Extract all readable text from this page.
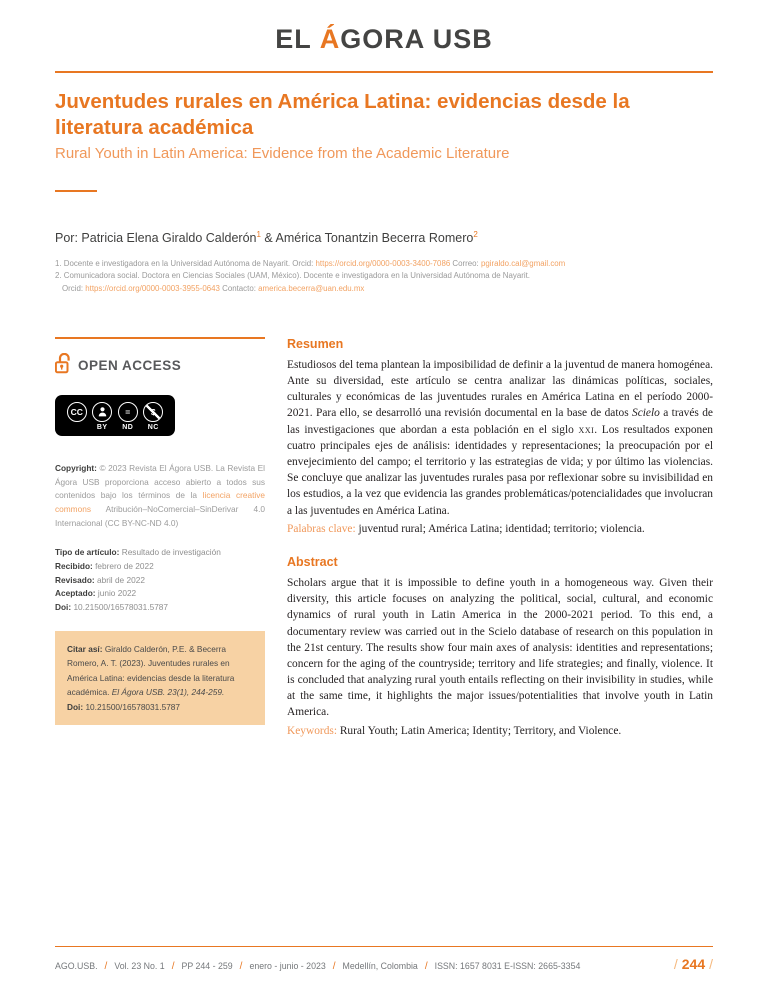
EL ÁGORA USB
Juventudes rurales en América Latina: evidencias desde la literatura académica
Rural Youth in Latin America: Evidence from the Academic Literature
Por: Patricia Elena Giraldo Calderón$^1$ & América Tonantzin Becerra Romero$^2$
1. Docente e investigadora en la Universidad Autónoma de Nayarit. Orcid: https://orcid.org/0000-0003-3400-7086 Correo: pgiraldo.cal@gmail.com
2. Comunicadora social. Doctora en Ciencias Sociales (UAM, México). Docente e investigadora en la Universidad Autónoma de Nayarit.
Orcid: https://orcid.org/0000-0003-3955-0643 Contacto: america.becerra@uan.edu.mx
OPEN ACCESS
CC	=	$
BY ND NC

Copyright: © 2023 Revista El Ágora USB. La Revista El Ágora USB proporciona acceso abierto a todos sus contenidos bajo los términos de la licencia creative commons Atribución–NoComercial–SinDerivar 4.0 Internacional (CC BY-NC-ND 4.0)

Tipo de artículo: Resultado de investigación
Recibido: febrero de 2022
Revisado: abril de 2022
Aceptado: junio 2022
Doi: 10.21500/16578031.5787
Citar así: Giraldo Calderón, P.E. & Becerra Romero, A. T. (2023). Juventudes rurales en América Latina: evidencias desde la literatura académica. El Ágora USB. 23(1), 244-259.
Doi: 10.21500/16578031.5787
Resumen

Estudiosos del tema plantean la imposibilidad de definir a la juventud de manera homogénea. Ante su diversidad, este artículo se centra analizar las dinámicas políticas, sociales, culturales y económicas de las juventudes rurales en América Latina en el período 2000-2021. Para ello, se desarrolló una revisión documental en la base de datos Scielo a través de las investigaciones que abordan a esta población en el siglo xxi. Los resultados exponen cuatro principales ejes de análisis: identidades y representaciones; la preocupación por el envejecimiento del campo; el territorio y las estrategias de vida; y por último las violencias. Se concluye que analizar las juventudes rurales pasa por reflexionar sobre su invisibilidad en los estudios, a la vez que evidencia las grandes problemáticas/potencialidades que involucran a las juventudes en América Latina.

Palabras clave: juventud rural; América Latina; identidad; territorio; violencia.

Abstract

Scholars argue that it is impossible to define youth in a homogeneous way. Given their diversity, this article focuses on analyzing the political, social, cultural, and economic dynamics of rural youth in Latin America in the 2000-2021 period. To this end, a documentary review was carried out in the Scielo database of research on this population in the 21st century. The results show four main axes of analysis: identities and representations; concern for the aging of the countryside; territory and life strategies; and finally, violence. It is concluded that analyzing rural youth entails reflecting on their invisibility in studies, while at the same time, it highlights the major issues/potentialities that involve youth in Latin America.

Keywords: Rural Youth; Latin America; Identity; Territory, and Violence.

AGO.USB. / Vol. 23 No. 1 / PP 244 - 259 / enero - junio - 2023 / Medellín, Colombia / ISSN: 1657 8031 E-ISSN: 2665-3354	/ 244 /
